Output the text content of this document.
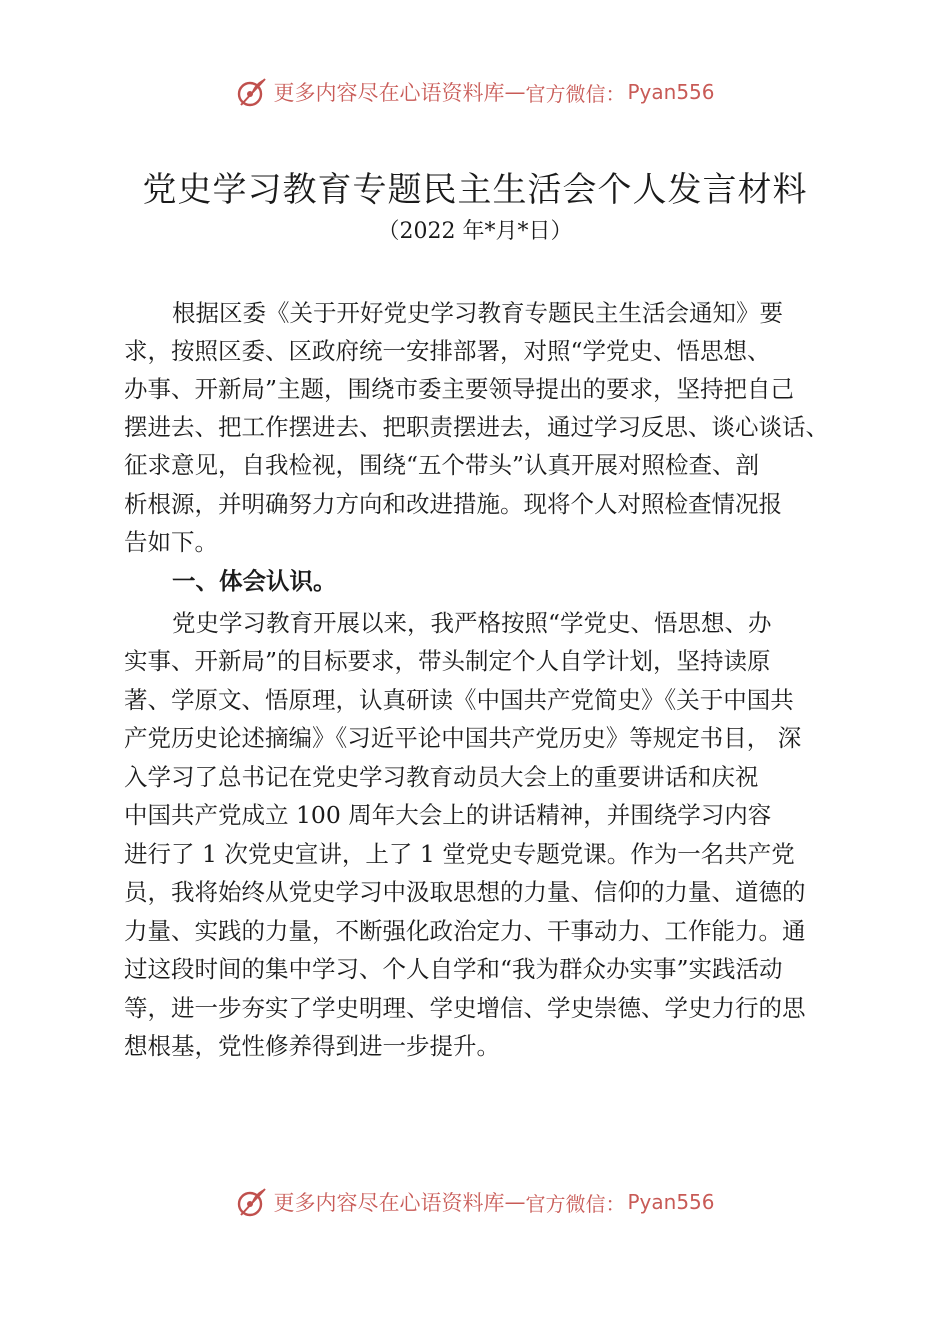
更多内容尽在心语资料库 — 官方微信： Pyan556
党史学习教育专题民主生活会个人发言材料
（2022 年*月*日）
根据区委《关于开好党史学习教育专题民主生活会通知》要
求，按照区委、区政府统一安排部署，对照“学党史、悟思想、
办事、开新局”主题，围绕市委主要领导提出的要求，坚持把自己
摆进去、把工作摆进去、把职责摆进去，通过学习反思、谈心谈话、
征求意见，自我检视，围绕“五个带头”认真开展对照检查、剖
析根源，并明确努力方向和改进措施。现将个人对照检查情况报
告如下。
一、体会认识。
党史学习教育开展以来，我严格按照“学党史、悟思想、办
实事、开新局”的目标要求，带头制定个人自学计划，坚持读原
著、学原文、悟原理，认真研读《中国共产党简史》《关于中国共
产党历史论述摘编》《习近平论中国共产党历史》等规定书目， 深
入学习了总书记在党史学习教育动员大会上的重要讲话和庆祝
中国共产党成立 100 周年大会上的讲话精神，并围绕学习内容
进行了 1 次党史宣讲，上了 1 堂党史专题党课。作为一名共产党
员，我将始终从党史学习中汲取思想的力量、信仰的力量、道德的
力量、实践的力量，不断强化政治定力、干事动力、工作能力。通
过这段时间的集中学习、个人自学和“我为群众办实事”实践活动
等，进一步夯实了学史明理、学史增信、学史崇德、学史力行的思
想根基，党性修养得到进一步提升。
更多内容尽在心语资料库 — 官方微信： Pyan556
